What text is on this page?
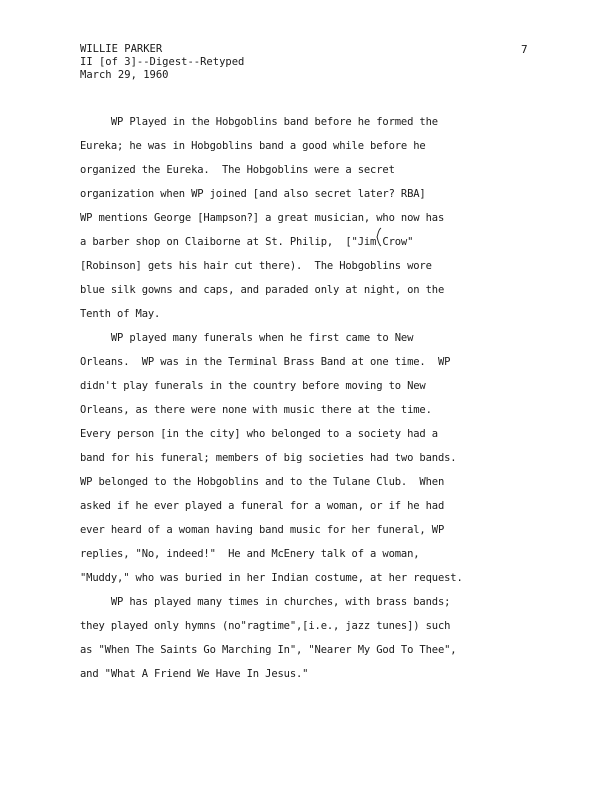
WILLIE PARKER
II [of 3]--Digest--Retyped
March 29, 1960
7
WP Played in the Hobgoblins band before he formed the
Eureka; he was in Hobgoblins band a good while before he
organized the Eureka.  The Hobgoblins were a secret
organization when WP joined [and also secret later? RBA]
WP mentions George [Hampson?] a great musician, who now has
a barber shop on Claiborne at St. Philip,  ["Jim Crow"
[Robinson] gets his hair cut there).  The Hobgoblins wore
blue silk gowns and caps, and paraded only at night, on the
Tenth of May.
WP played many funerals when he first came to New
Orleans.  WP was in the Terminal Brass Band at one time.  WP
didn't play funerals in the country before moving to New
Orleans, as there were none with music there at the time.
Every person [in the city] who belonged to a society had a
band for his funeral; members of big societies had two bands.
WP belonged to the Hobgoblins and to the Tulane Club.  When
asked if he ever played a funeral for a woman, or if he had
ever heard of a woman having band music for her funeral, WP
replies, "No, indeed!"  He and McEnery talk of a woman,
"Muddy," who was buried in her Indian costume, at her request.
WP has played many times in churches, with brass bands;
they played only hymns (no"ragtime",[i.e., jazz tunes]) such
as "When The Saints Go Marching In", "Nearer My God To Thee",
and "What A Friend We Have In Jesus."
